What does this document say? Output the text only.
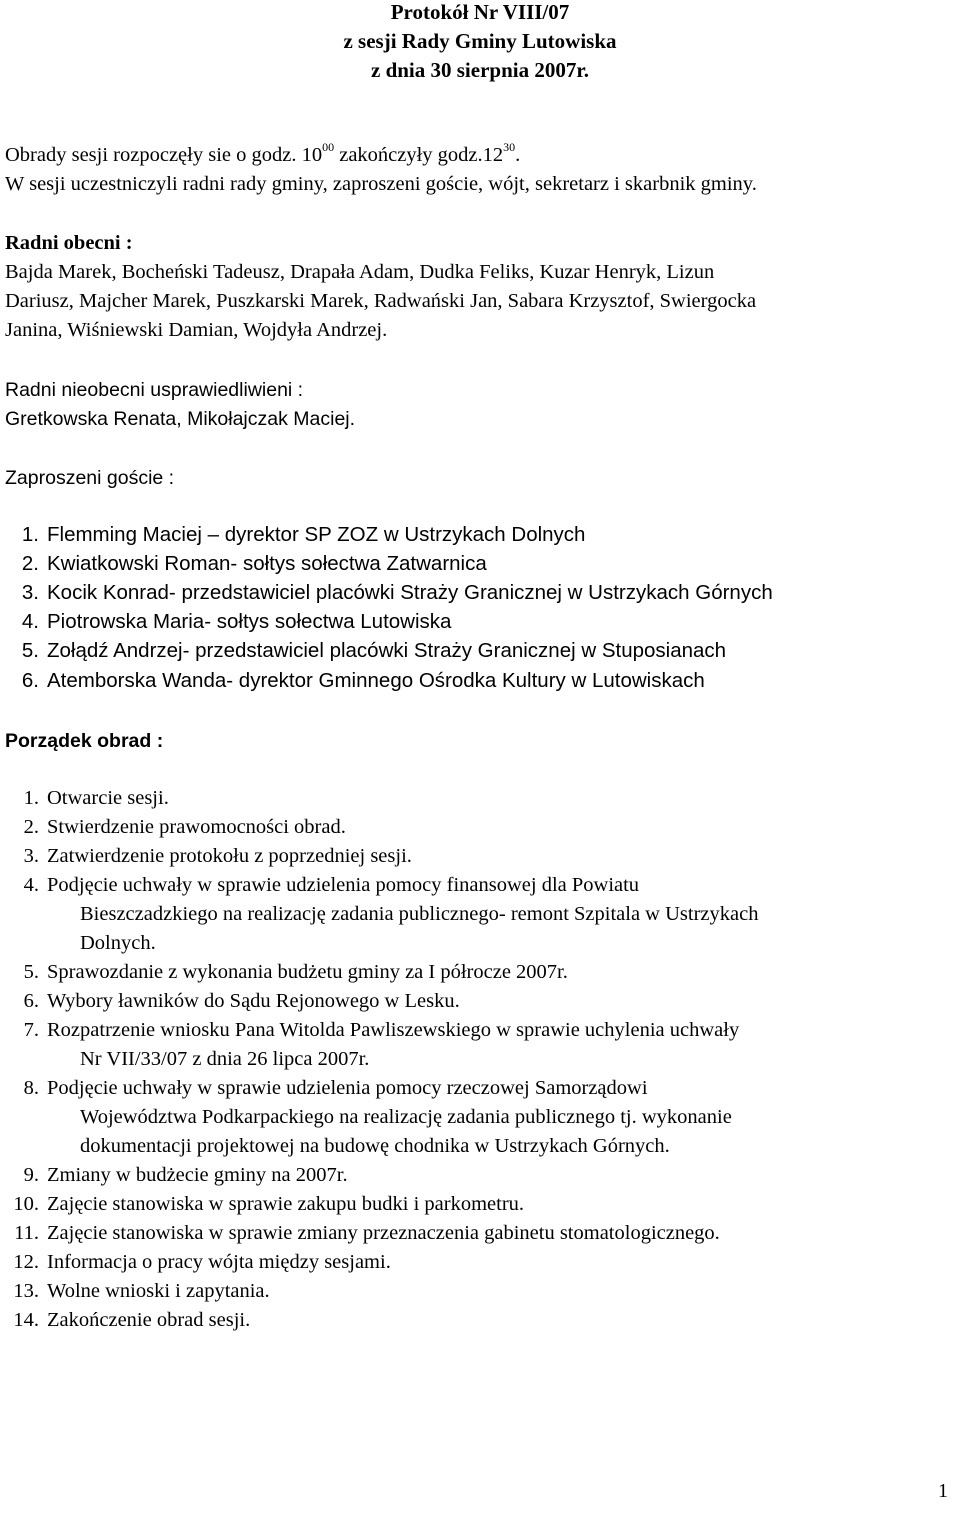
Protokół Nr VIII/07
z sesji Rady Gminy Lutowiska
z dnia 30 sierpnia 2007r.
Obrady sesji rozpoczęły sie o godz. $10^{00}$ zakończyły $godz.12^{30}$.
W sesji uczestniczyli radni rady gminy, zaproszeni goście, wójt, sekretarz i skarbnik gminy.
Radni obecni :
Bajda Marek, Bocheński Tadeusz, Drapała Adam, Dudka Feliks, Kuzar Henryk, Lizun
Dariusz, Majcher Marek, Puszkarski Marek, Radwański Jan, Sabara Krzysztof, Swiergocka
Janina, Wiśniewski Damian, Wojdyła Andrzej.
Radni nieobecni usprawiedliwieni :
Gretkowska Renata, Mikołajczak Maciej.
Zaproszeni goście :
1. Flemming Maciej – dyrektor SP ZOZ w Ustrzykach Dolnych
2. Kwiatkowski Roman- sołtys sołectwa Zatwarnica
3. Kocik Konrad- przedstawiciel placówki Straży Granicznej w Ustrzykach Górnych
4. Piotrowska Maria- sołtys sołectwa Lutowiska
5. Zołądź Andrzej- przedstawiciel placówki Straży Granicznej w Stuposianach
6. Atemborska Wanda- dyrektor Gminnego Ośrodka Kultury w Lutowiskach
Porządek obrad :
1. Otwarcie sesji.
2. Stwierdzenie prawomocności obrad.
3. Zatwierdzenie protokołu z poprzedniej sesji.
4. Podjęcie uchwały w sprawie udzielenia pomocy finansowej dla Powiatu
Bieszczadzkiego na realizację zadania publicznego- remont Szpitala w Ustrzykach
Dolnych.
5. Sprawozdanie z wykonania budżetu gminy za I półrocze 2007r.
6. Wybory ławników do Sądu Rejonowego w Lesku.
7. Rozpatrzenie wniosku Pana Witolda Pawliszewskiego w sprawie uchylenia uchwały
Nr VII/33/07 z dnia 26 lipca 2007r.
8. Podjęcie uchwały w sprawie udzielenia pomocy rzeczowej Samorządowi
Województwa Podkarpackiego na realizację zadania publicznego tj. wykonanie
dokumentacji projektowej na budowę chodnika w Ustrzykach Górnych.
9. Zmiany w budżecie gminy na 2007r.
10. Zajęcie stanowiska w sprawie zakupu budki i parkometru.
11. Zajęcie stanowiska w sprawie zmiany przeznaczenia gabinetu stomatologicznego.
12. Informacja o pracy wójta między sesjami.
13. Wolne wnioski i zapytania.
14. Zakończenie obrad sesji.
1
